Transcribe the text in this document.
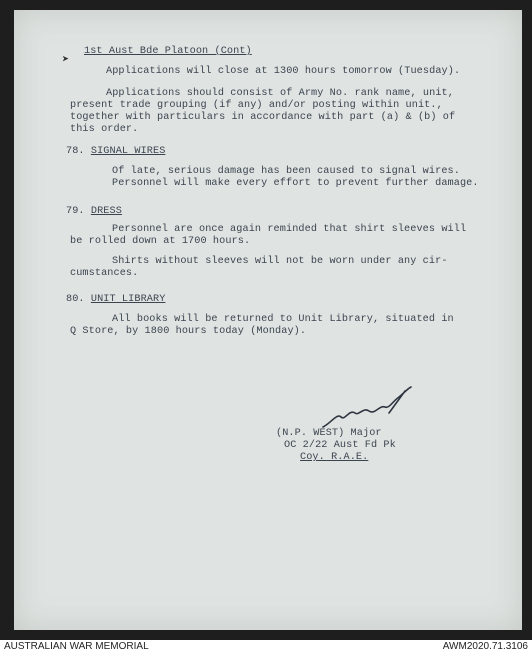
➤
1st Aust Bde Platoon (Cont)
Applications will close at 1300 hours tomorrow (Tuesday).
Applications should consist of Army No. rank name, unit,
present trade grouping (if any) and/or posting within unit.,
together with particulars in accordance with part (a) & (b) of
this order.
78. SIGNAL WIRES
Of late, serious damage has been caused to signal wires.
Personnel will make every effort to prevent further damage.
79. DRESS
Personnel are once again reminded that shirt sleeves will
be rolled down at 1700 hours.
Shirts without sleeves will not be worn under any cir-
cumstances.
80. UNIT LIBRARY
All books will be returned to Unit Library, situated in
Q Store, by 1800 hours today (Monday).
(N.P. WEST) Major
OC 2/22 Aust Fd Pk
Coy. R.A.E.
AUSTRALIAN WAR MEMORIAL	AWM2020.71.3106
